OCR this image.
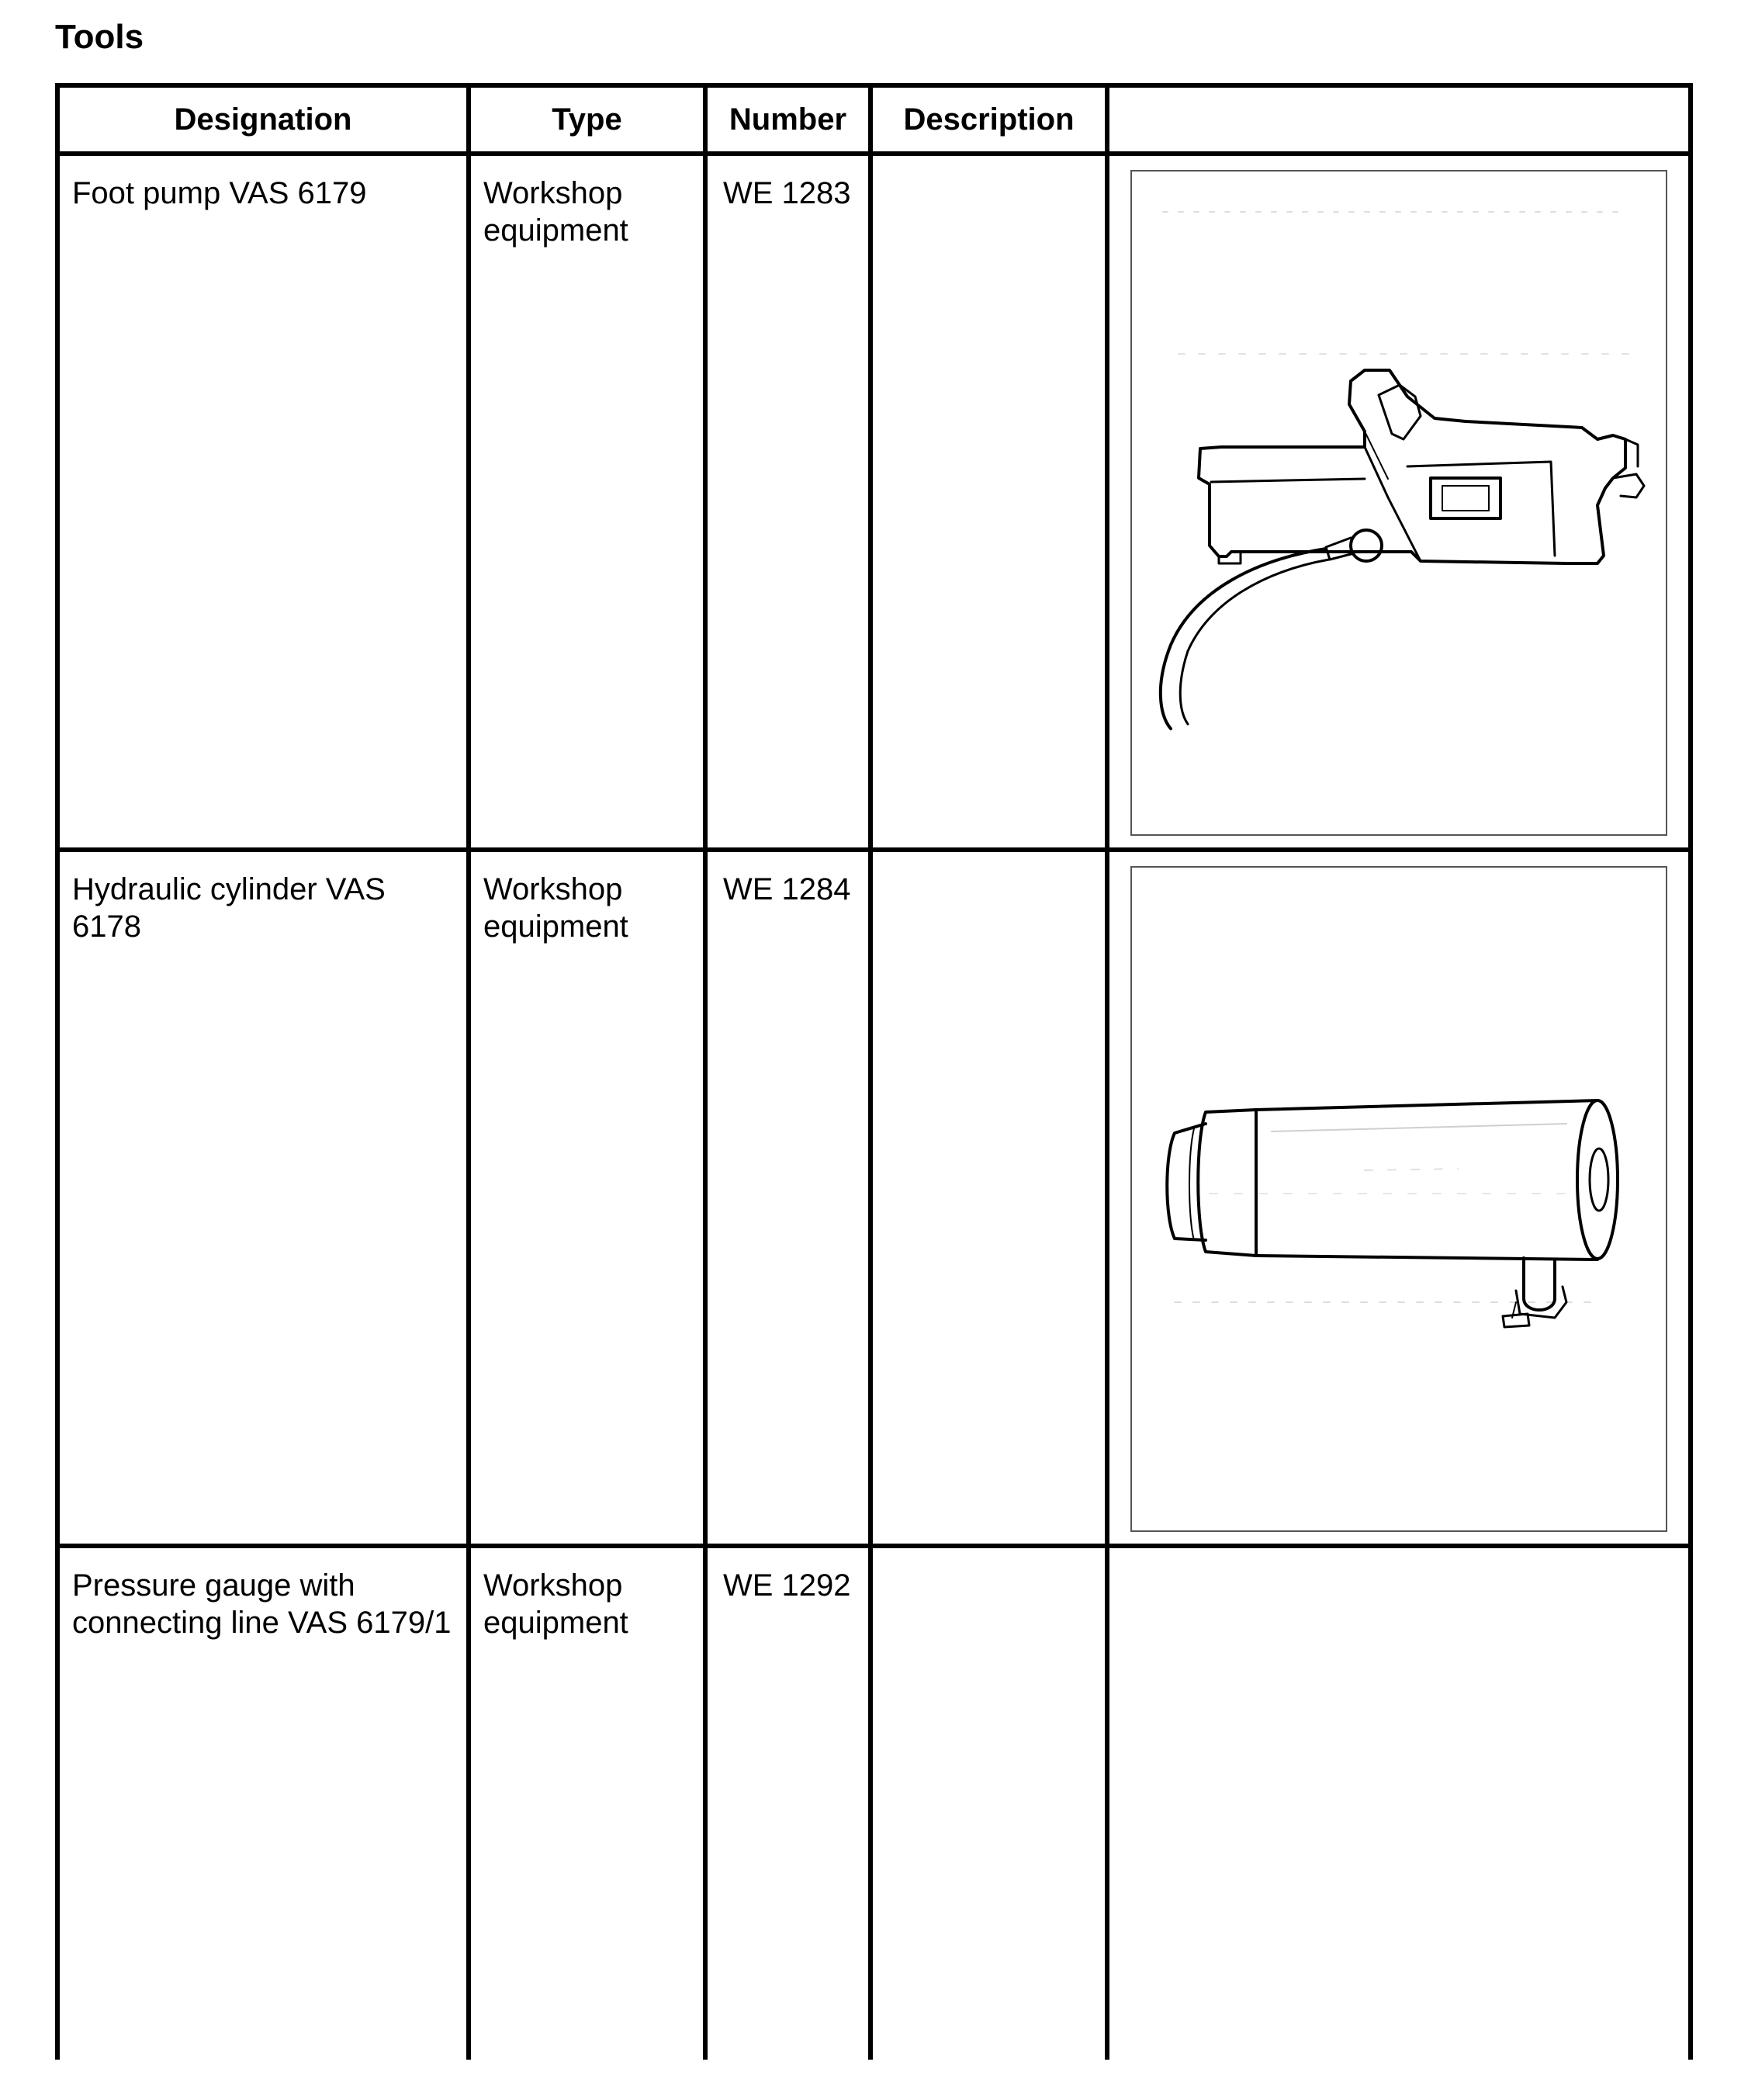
Tools
Designation	Type	Number	Description	

Foot pump VAS 6179	Workshop equipment	WE 1283

Hydraulic cylinder VAS 6178	Workshop equipment	WE 1284

Pressure gauge with connecting line VAS 6179/1	Workshop equipment	WE 1292		
